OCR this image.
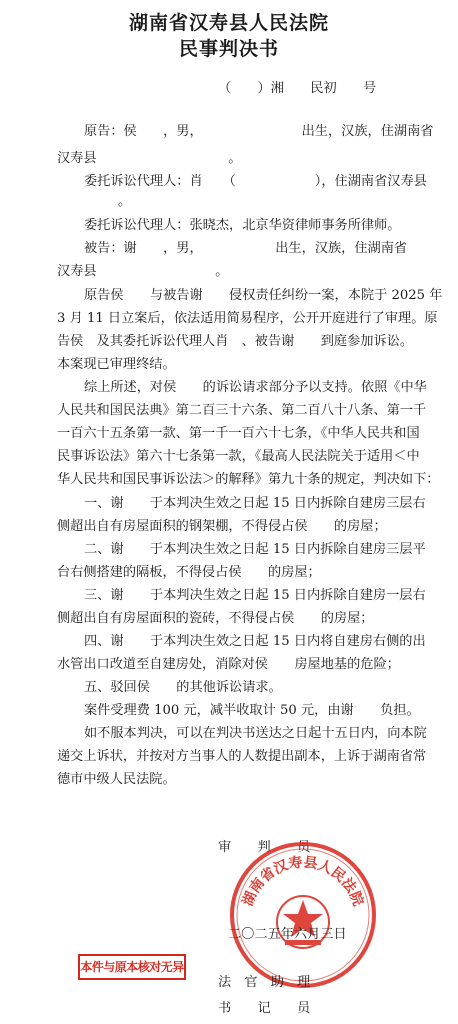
湖南省汉寿县人民法院
民事判决书
（　　）湘　　民初　　号
原告：侯　　，男，　　　　　　　　出生，汉族，住湖南省
汉寿县　　　　　　　　　　。
委托诉讼代理人：肖　　（　　　　　　），住湖南省汉寿县
。
委托诉讼代理人：张晓杰，北京华资律师事务所律师。
被告：谢　　，男，　　　　　　出生，汉族，住湖南省
汉寿县　　　　　　　　　。
原告侯　　与被告谢　　侵权责任纠纷一案，本院于 2025 年
3 月 11 日立案后，依法适用简易程序，公开开庭进行了审理。原
告侯　及其委托诉讼代理人肖　、被告谢　　到庭参加诉讼。
本案现已审理终结。
综上所述，对侯　　的诉讼请求部分予以支持。依照《中华
人民共和国民法典》第二百三十六条、第二百八十八条、第一千
一百六十五条第一款、第一千一百六十七条，《中华人民共和国
民事诉讼法》第六十七条第一款，《最高人民法院关于适用＜中
华人民共和国民事诉讼法＞的解释》第九十条的规定，判决如下：
一、谢　　于本判决生效之日起 15 日内拆除自建房三层右
侧超出自有房屋面积的钢架棚，不得侵占侯　　的房屋；
二、谢　　于本判决生效之日起 15 日内拆除自建房三层平
台右侧搭建的隔板，不得侵占侯　　的房屋；
三、谢　　于本判决生效之日起 15 日内拆除自建房一层右
侧超出自有房屋面积的瓷砖，不得侵占侯　　的房屋；
四、谢　　于本判决生效之日起 15 日内将自建房右侧的出
水管出口改道至自建房处，消除对侯　　房屋地基的危险；
五、驳回侯　　的其他诉讼请求。
案件受理费 100 元，减半收取计 50 元，由谢　　负担。
如不服本判决，可以在判决书送达之日起十五日内，向本院
递交上诉状，并按对方当事人的人数提出副本，上诉于湖南省常
德市中级人民法院。
审　　判　　员
湖南省汉寿县人民法院
二〇二五年六月三日
本件与原本核对无异
法　官　助　理
书　　记　　员
